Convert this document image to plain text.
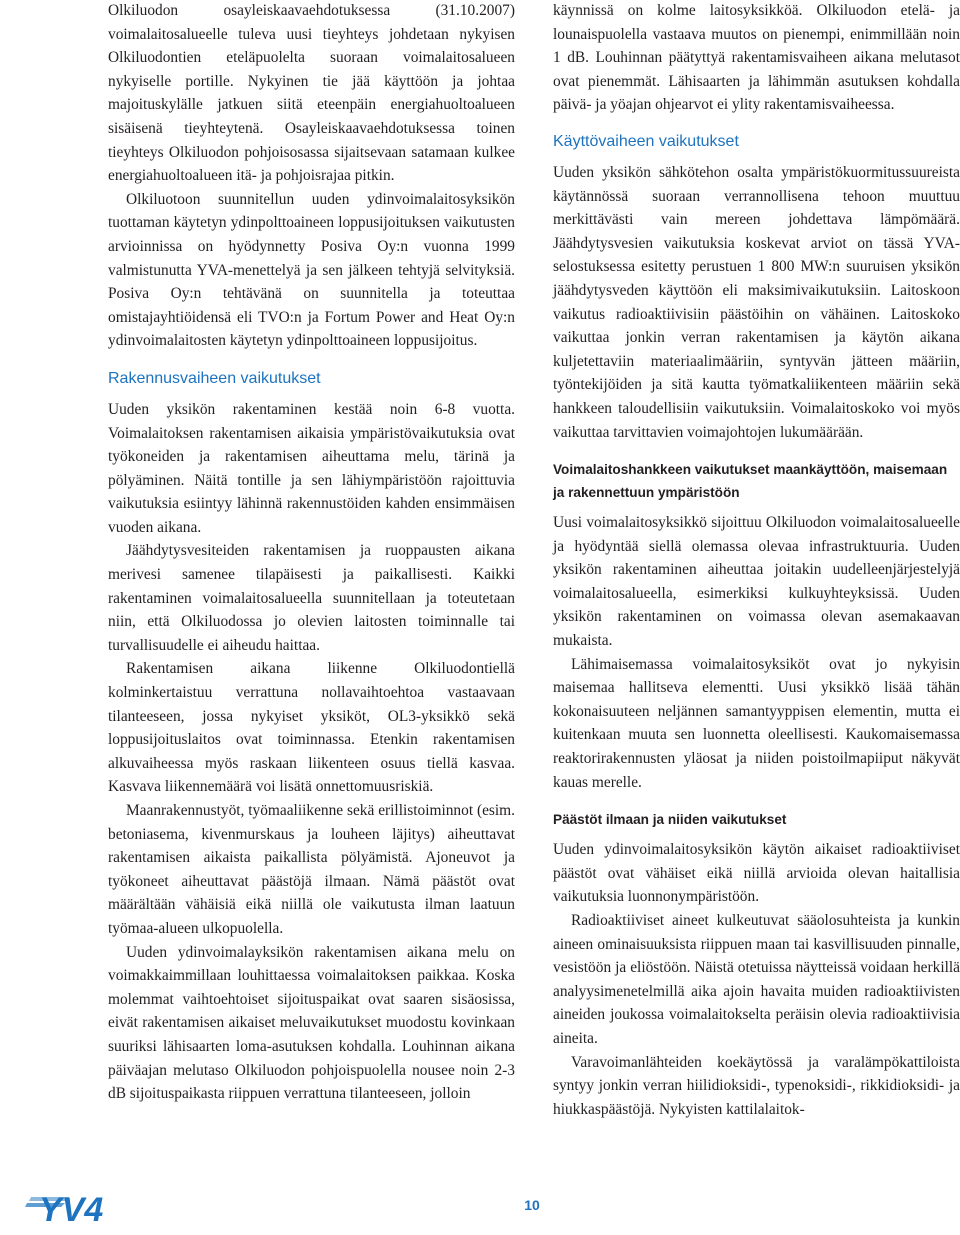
Olkiluodon osayleiskaavaehdotuksessa (31.10.2007) voimalaitosalueelle tuleva uusi tieyhteys johdetaan nykyisen Olkiluodontien eteläpuolelta suoraan voimalaitosalueen nykyiselle portille. Nykyinen tie jää käyttöön ja johtaa majoituskylälle jatkuen siitä eteenpäin energiahuoltoalueen sisäisenä tieyhteytenä. Osayleiskaavaehdotuksessa toinen tieyhteys Olkiluodon pohjoisosassa sijaitsevaan satamaan kulkee energiahuoltoalueen itä- ja pohjoisrajaa pitkin.

Olkiluotoon suunnitellun uuden ydinvoimalaitosyksikön tuottaman käytetyn ydinpolttoaineen loppusijoituksen vaikutusten arvioinnissa on hyödynnetty Posiva Oy:n vuonna 1999 valmistunutta YVA-menettelyä ja sen jälkeen tehtyjä selvityksiä. Posiva Oy:n tehtävänä on suunnitella ja toteuttaa omistajayhtiöidensä eli TVO:n ja Fortum Power and Heat Oy:n ydinvoimalaitosten käytetyn ydinpolttoaineen loppusijoitus.

Rakennusvaiheen vaikutukset

Uuden yksikön rakentaminen kestää noin 6-8 vuotta. Voimalaitoksen rakentamisen aikaisia ympäristövaikutuksia ovat työkoneiden ja rakentamisen aiheuttama melu, tärinä ja pölyäminen. Näitä tontille ja sen lähiympäristöön rajoittuvia vaikutuksia esiintyy lähinnä rakennustöiden kahden ensimmäisen vuoden aikana.

Jäähdytysvesiteiden rakentamisen ja ruoppausten aikana merivesi samenee tilapäisesti ja paikallisesti. Kaikki rakentaminen voimalaitosalueella suunnitellaan ja toteutetaan niin, että Olkiluodossa jo olevien laitosten toiminnalle tai turvallisuudelle ei aiheudu haittaa.

Rakentamisen aikana liikenne Olkiluodontiellä kolminkertaistuu verrattuna nollavaihtoehtoa vastaavaan tilanteeseen, jossa nykyiset yksiköt, OL3-yksikkö sekä loppusijoituslaitos ovat toiminnassa. Etenkin rakentamisen alkuvaiheessa myös raskaan liikenteen osuus tiellä kasvaa. Kasvava liikennemäärä voi lisätä onnettomuusriskiä.

Maanrakennustyöt, työmaaliikenne sekä erillistoiminnot (esim. betoniasema, kivenmurskaus ja louheen läjitys) aiheuttavat rakentamisen aikaista paikallista pölyämistä. Ajoneuvot ja työkoneet aiheuttavat päästöjä ilmaan. Nämä päästöt ovat määrältään vähäisiä eikä niillä ole vaikutusta ilman laatuun työmaa-alueen ulkopuolella.

Uuden ydinvoimalayksikön rakentamisen aikana melu on voimakkaimmillaan louhittaessa voimalaitoksen paikkaa. Koska molemmat vaihtoehtoiset sijoituspaikat ovat saaren sisäosissa, eivät rakentamisen aikaiset meluvaikutukset muodostu kovinkaan suuriksi lähisaarten loma-asutuksen kohdalla. Louhinnan aikana päiväajan melutaso Olkiluodon pohjoispuolella nousee noin 2-3 dB sijoituspaikasta riippuen verrattuna tilanteeseen, jolloin

käynnissä on kolme laitosyksikköä. Olkiluodon etelä- ja lounaispuolella vastaava muutos on pienempi, enimmillään noin 1 dB. Louhinnan päätyttyä rakentamisvaiheen aikana melutasot ovat pienemmät. Lähisaarten ja lähimmän asutuksen kohdalla päivä- ja yöajan ohjearvot ei ylity rakentamisvaiheessa.

Käyttövaiheen vaikutukset

Uuden yksikön sähkötehon osalta ympäristökuormitussuureista käytännössä suoraan verrannollisena tehoon muuttuu merkittävästi vain mereen johdettava lämpömäärä. Jäähdytysvesien vaikutuksia koskevat arviot on tässä YVA-selostuksessa esitetty perustuen 1 800 MW:n suuruisen yksikön jäähdytysveden käyttöön eli maksimivaikutuksiin. Laitoskoon vaikutus radioaktiivisiin päästöihin on vähäinen. Laitoskoko vaikuttaa jonkin verran rakentamisen ja käytön aikana kuljetettaviin materiaalimääriin, syntyvän jätteen määriin, työntekijöiden ja sitä kautta työmatkaliikenteen määriin sekä hankkeen taloudellisiin vaikutuksiin. Voimalaitoskoko voi myös vaikuttaa tarvittavien voimajohtojen lukumäärään.

Voimalaitoshankkeen vaikutukset maankäyttöön, maisemaan ja rakennettuun ympäristöön

Uusi voimalaitosyksikkö sijoittuu Olkiluodon voimalaitosalueelle ja hyödyntää siellä olemassa olevaa infrastruktuuria. Uuden yksikön rakentaminen aiheuttaa joitakin uudelleenjärjestelyjä voimalaitosalueella, esimerkiksi kulkuyhteyksissä. Uuden yksikön rakentaminen on voimassa olevan asemakaavan mukaista.

Lähimaisemassa voimalaitosyksiköt ovat jo nykyisin maisemaa hallitseva elementti. Uusi yksikkö lisää tähän kokonaisuuteen neljännen samantyyppisen elementin, mutta ei kuitenkaan muuta sen luonnetta oleellisesti. Kaukomaisemassa reaktorirakennusten yläosat ja niiden poistoilmapiiput näkyvät kauas merelle.

Päästöt ilmaan ja niiden vaikutukset

Uuden ydinvoimalaitosyksikön käytön aikaiset radioaktiiviset päästöt ovat vähäiset eikä niillä arvioida olevan haitallisia vaikutuksia luonnonympäristöön.

Radioaktiiviset aineet kulkeutuvat sääolosuhteista ja kunkin aineen ominaisuuksista riippuen maan tai kasvillisuuden pinnalle, vesistöön ja eliöstöön. Näistä otetuissa näytteissä voidaan herkillä analyysimenetelmillä aika ajoin havaita muiden radioaktiivisten aineiden joukossa voimalaitokselta peräisin olevia radioaktiivisia aineita.

Varavoimanlähteiden koekäytössä ja varalämpökattiloista syntyy jonkin verran hiilidioksidi-, typenoksidi-, rikkidioksidi- ja hiukkaspäästöjä. Nykyisten kattilalaitok-

YV4	10
